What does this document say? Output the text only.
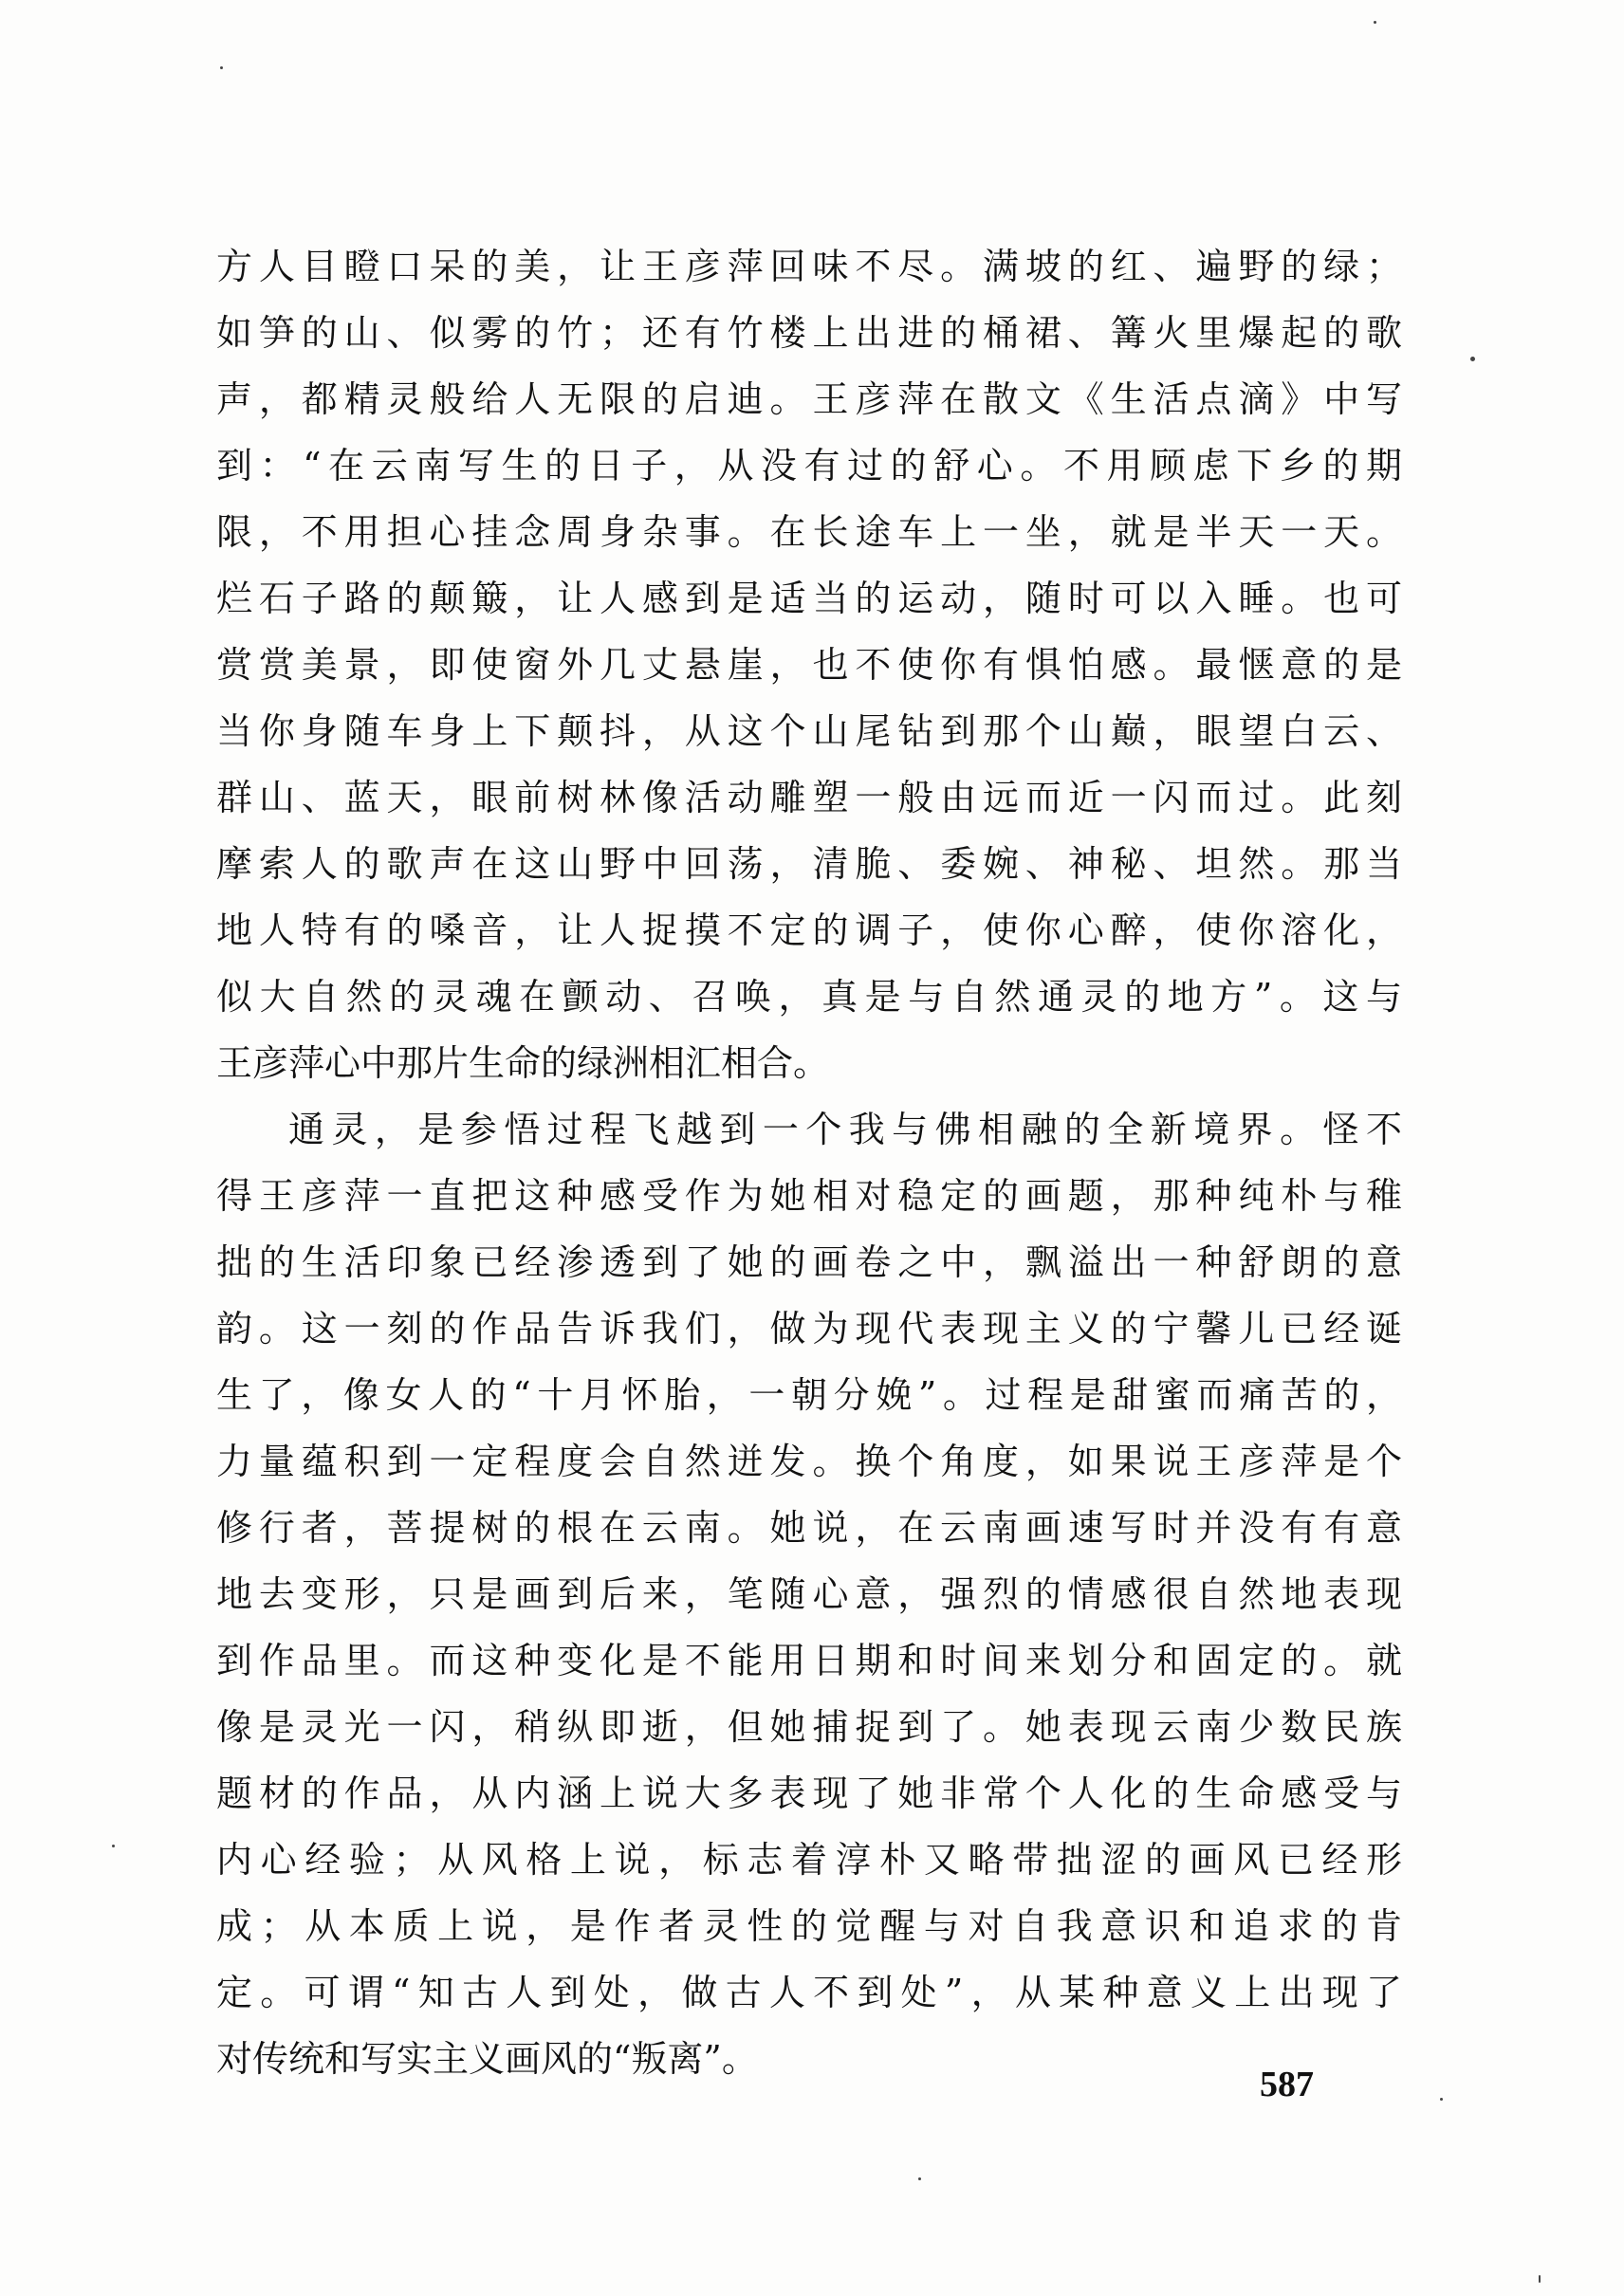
方人目瞪口呆的美，让王彦萍回味不尽。满坡的红、遍野的绿；
如笋的山、似雾的竹；还有竹楼上出进的桶裙、篝火里爆起的歌
声，都精灵般给人无限的启迪。王彦萍在散文《生活点滴》中写
到：“在云南写生的日子，从没有过的舒心。不用顾虑下乡的期
限，不用担心挂念周身杂事。在长途车上一坐，就是半天一天。
烂石子路的颠簸，让人感到是适当的运动，随时可以入睡。也可
赏赏美景，即使窗外几丈悬崖，也不使你有惧怕感。最惬意的是
当你身随车身上下颠抖，从这个山尾钻到那个山巅，眼望白云、
群山、蓝天，眼前树林像活动雕塑一般由远而近一闪而过。此刻
摩索人的歌声在这山野中回荡，清脆、委婉、神秘、坦然。那当
地人特有的嗓音，让人捉摸不定的调子，使你心醉，使你溶化，
似大自然的灵魂在颤动、召唤，真是与自然通灵的地方”。这与
王彦萍心中那片生命的绿洲相汇相合。
通灵，是参悟过程飞越到一个我与佛相融的全新境界。怪不
得王彦萍一直把这种感受作为她相对稳定的画题，那种纯朴与稚
拙的生活印象已经渗透到了她的画卷之中，飘溢出一种舒朗的意
韵。这一刻的作品告诉我们，做为现代表现主义的宁馨儿已经诞
生了，像女人的“十月怀胎，一朝分娩”。过程是甜蜜而痛苦的，
力量蕴积到一定程度会自然迸发。换个角度，如果说王彦萍是个
修行者，菩提树的根在云南。她说，在云南画速写时并没有有意
地去变形，只是画到后来，笔随心意，强烈的情感很自然地表现
到作品里。而这种变化是不能用日期和时间来划分和固定的。就
像是灵光一闪，稍纵即逝，但她捕捉到了。她表现云南少数民族
题材的作品，从内涵上说大多表现了她非常个人化的生命感受与
内心经验；从风格上说，标志着淳朴又略带拙涩的画风已经形
成；从本质上说，是作者灵性的觉醒与对自我意识和追求的肯
定。可谓“知古人到处，做古人不到处”，从某种意义上出现了
对传统和写实主义画风的“叛离”。
587
